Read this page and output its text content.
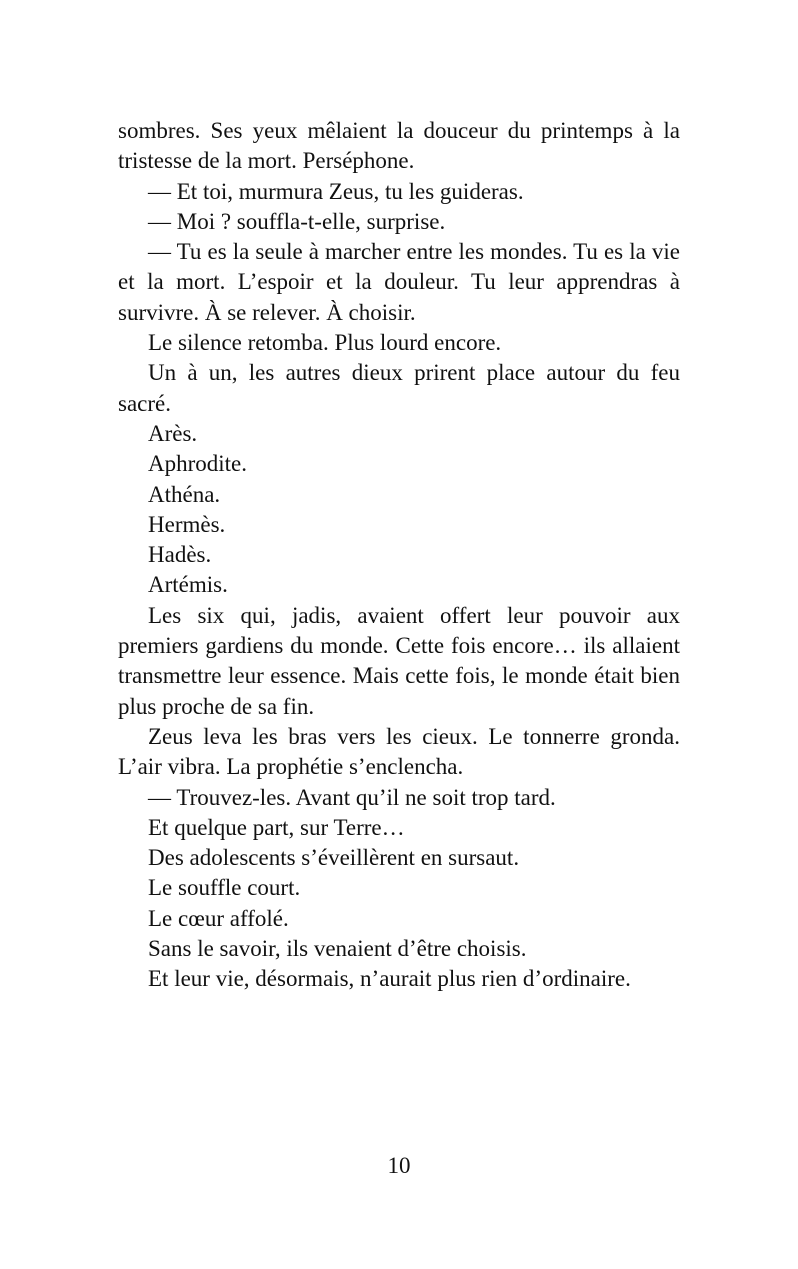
sombres. Ses yeux mêlaient la douceur du printemps à la tristesse de la mort. Perséphone.

— Et toi, murmura Zeus, tu les guideras.

— Moi ? souffla-t-elle, surprise.

— Tu es la seule à marcher entre les mondes. Tu es la vie et la mort. L’espoir et la douleur. Tu leur apprendras à survivre. À se relever. À choisir.

Le silence retomba. Plus lourd encore.

Un à un, les autres dieux prirent place autour du feu sacré.

Arès.

Aphrodite.

Athéna.

Hermès.

Hadès.

Artémis.

Les six qui, jadis, avaient offert leur pouvoir aux premiers gardiens du monde. Cette fois encore… ils allaient transmettre leur essence. Mais cette fois, le monde était bien plus proche de sa fin.

Zeus leva les bras vers les cieux. Le tonnerre gronda. L’air vibra. La prophétie s’enclencha.

— Trouvez-les. Avant qu’il ne soit trop tard.

Et quelque part, sur Terre…

Des adolescents s’éveillèrent en sursaut.

Le souffle court.

Le cœur affolé.

Sans le savoir, ils venaient d’être choisis.

Et leur vie, désormais, n’aurait plus rien d’ordinaire.

10
